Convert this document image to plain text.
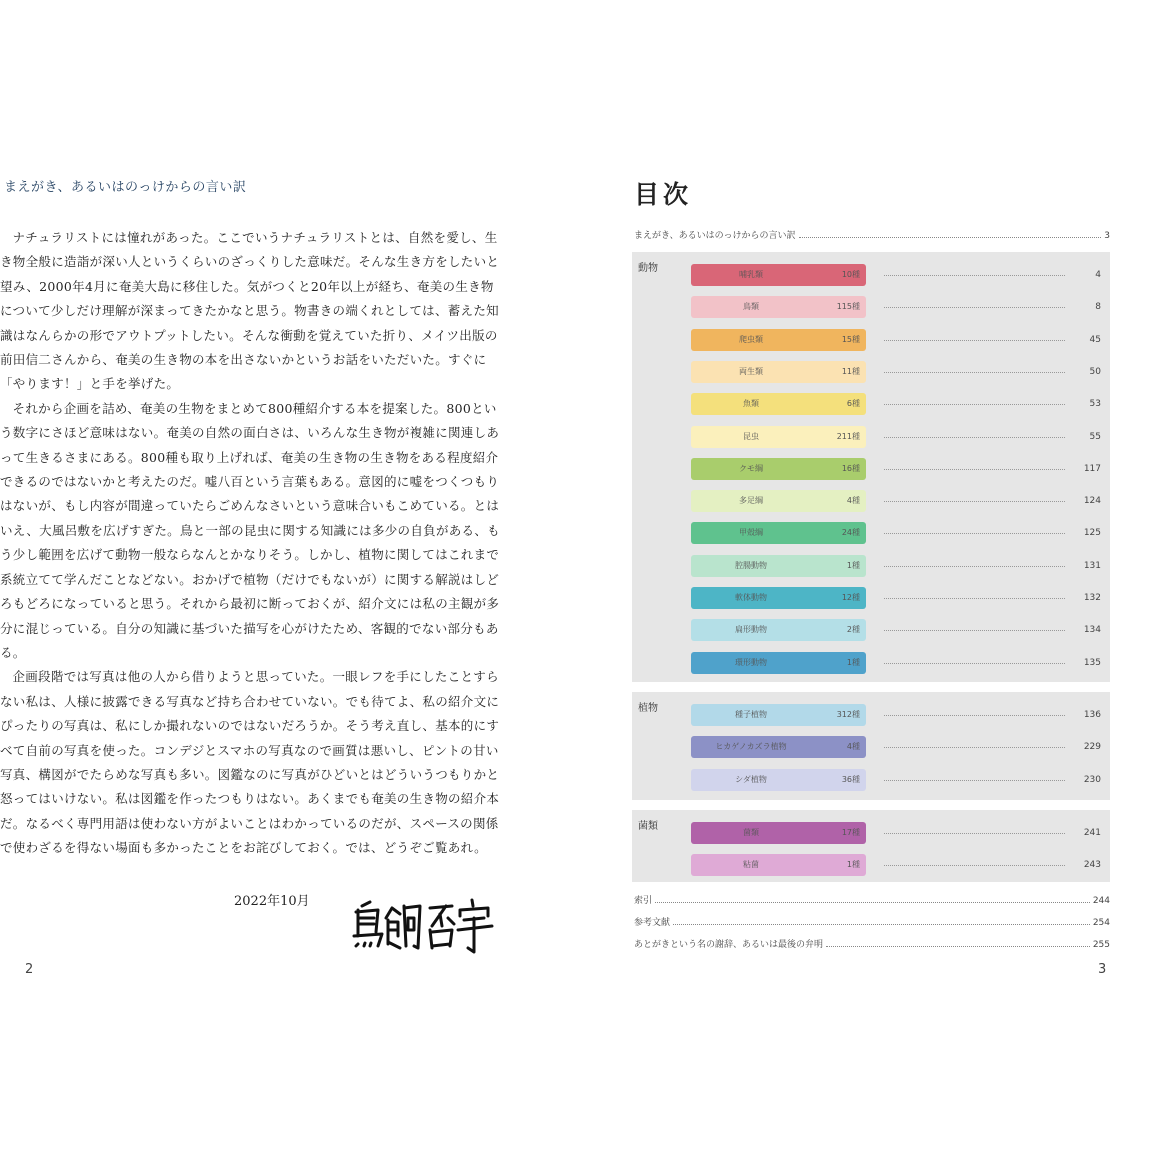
まえがき、あるいはのっけからの言い訳

ナチュラリストには憧れがあった。ここでいうナチュラリストとは、自然を愛し、生き物全般に造詣が深い人というくらいのざっくりした意味だ。そんな生き方をしたいと望み、2000年4月に奄美大島に移住した。気がつくと20年以上が経ち、奄美の生き物について少しだけ理解が深まってきたかなと思う。物書きの端くれとしては、蓄えた知識はなんらかの形でアウトプットしたい。そんな衝動を覚えていた折り、メイツ出版の前田信二さんから、奄美の生き物の本を出さないかというお話をいただいた。すぐに「やります！」と手を挙げた。

それから企画を詰め、奄美の生物をまとめて800種紹介する本を提案した。800という数字にさほど意味はない。奄美の自然の面白さは、いろんな生き物が複雑に関連しあって生きるさまにある。800種も取り上げれば、奄美の生き物の生き物をある程度紹介できるのではないかと考えたのだ。嘘八百という言葉もある。意図的に嘘をつくつもりはないが、もし内容が間違っていたらごめんなさいという意味合いもこめている。とはいえ、大風呂敷を広げすぎた。鳥と一部の昆虫に関する知識には多少の自負がある、もう少し範囲を広げて動物一般ならなんとかなりそう。しかし、植物に関してはこれまで系統立てて学んだことなどない。おかげで植物（だけでもないが）に関する解説はしどろもどろになっていると思う。それから最初に断っておくが、紹介文には私の主観が多分に混じっている。自分の知識に基づいた描写を心がけたため、客観的でない部分もある。

企画段階では写真は他の人から借りようと思っていた。一眼レフを手にしたことすらない私は、人様に披露できる写真など持ち合わせていない。でも待てよ、私の紹介文にぴったりの写真は、私にしか撮れないのではないだろうか。そう考え直し、基本的にすべて自前の写真を使った。コンデジとスマホの写真なので画質は悪いし、ピントの甘い写真、構図がでたらめな写真も多い。図鑑なのに写真がひどいとはどういうつもりかと怒ってはいけない。私は図鑑を作ったつもりはない。あくまでも奄美の生き物の紹介本だ。なるべく専門用語は使わない方がよいことはわかっているのだが、スペースの関係で使わざるを得ない場面も多かったことをお詫びしておく。では、どうぞご覧あれ。

2022年10月
2
目次
まえがき、あるいはのっけからの言い訳	3
動物
哺乳類	10種	4
鳥類	115種	8
爬虫類	15種	45
両生類	11種	50
魚類	6種	53
昆虫	211種	55
クモ綱	16種	117
多足綱	4種	124
甲殻綱	24種	125
腔腸動物	1種	131
軟体動物	12種	132
扁形動物	2種	134
環形動物	1種	135
植物
種子植物	312種	136
ヒカゲノカズラ植物	4種	229
シダ植物	36種	230
菌類
菌類	17種	241
粘菌	1種	243
索引	244
参考文献	254
あとがきという名の謝辞、あるいは最後の弁明	255
3
